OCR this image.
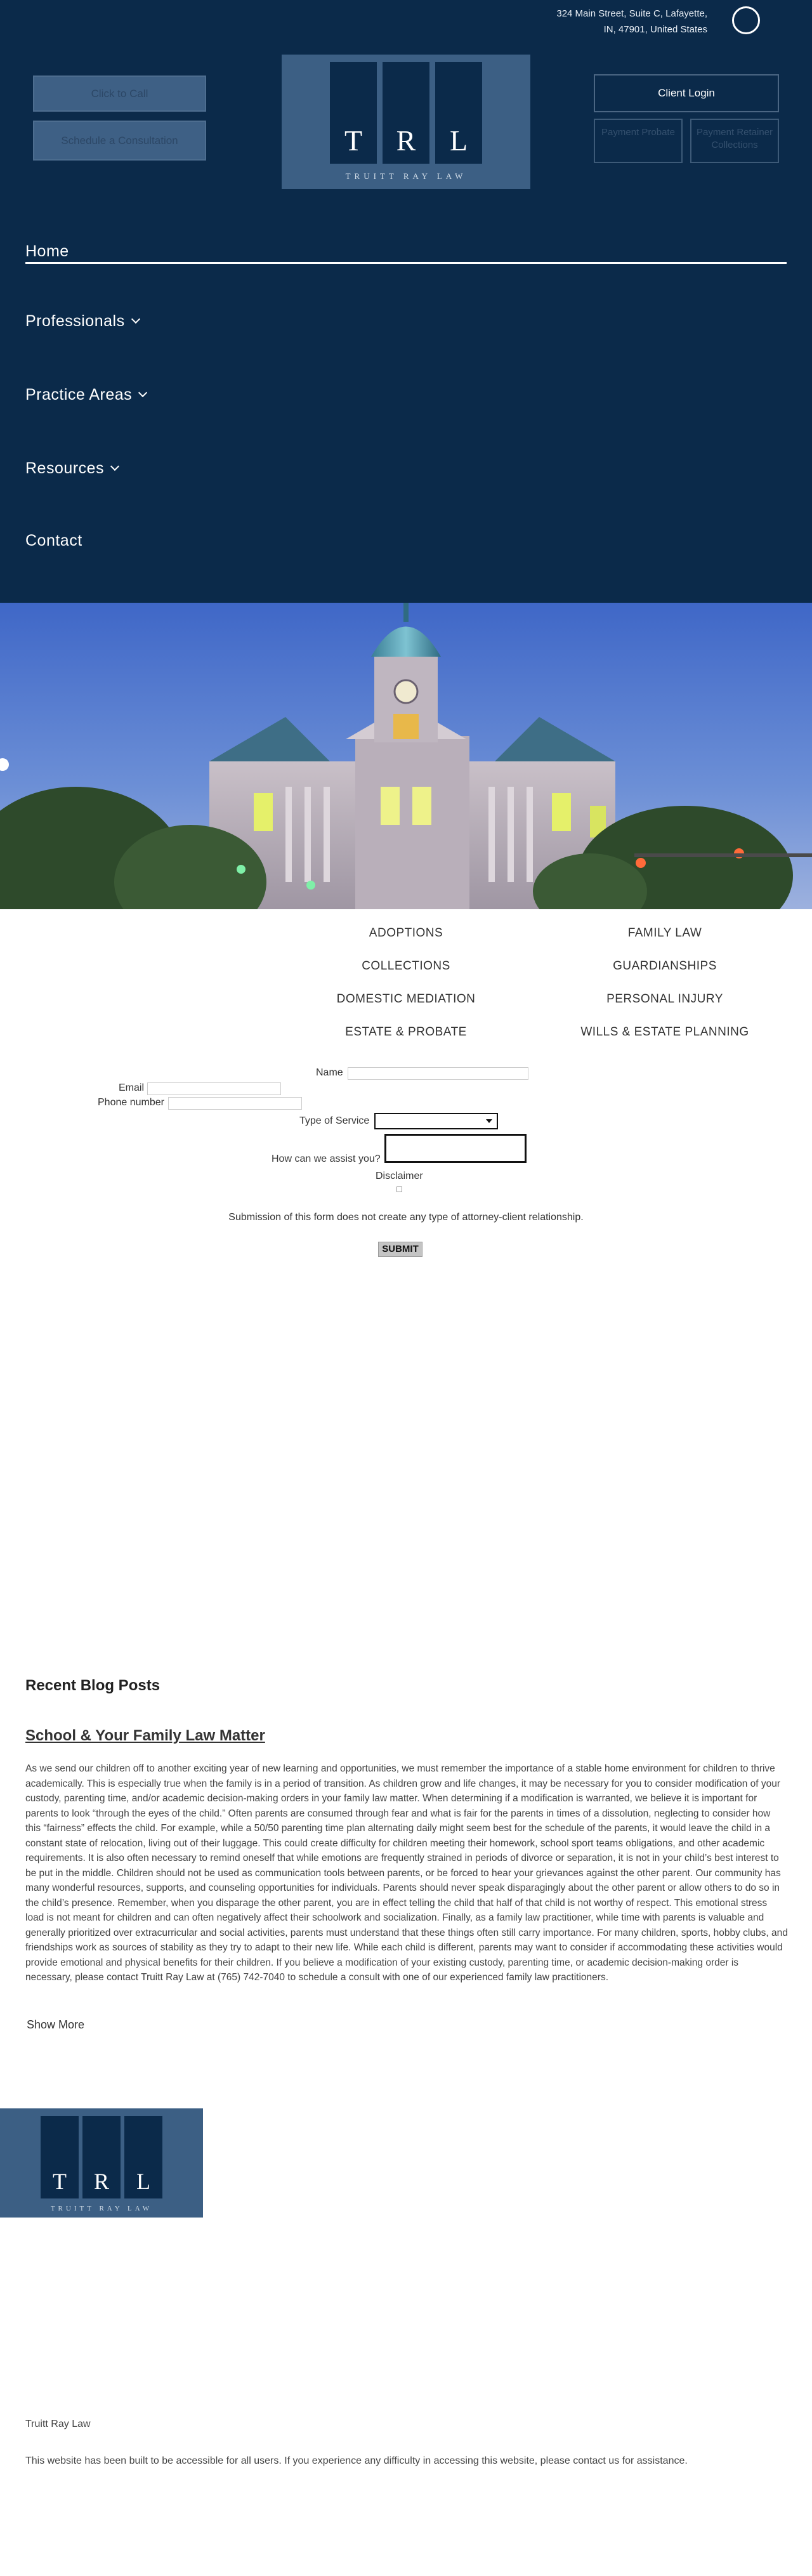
324 Main Street, Suite C, Lafayette,
IN, 47901, United States
Click to Call
Schedule a Consultation	T	R	L
TRUITT RAY LAW
Client Login
Payment Probate	Payment Retainer Collections
Home
Professionals
Practice Areas
Resources
Contact
ADOPTIONS
COLLECTIONS
DOMESTIC MEDIATION
ESTATE & PROBATE
FAMILY LAW
GUARDIANSHIPS
PERSONAL INJURY
WILLS & ESTATE PLANNING
Name
Email
Phone number
Type of Service
How can we assist you?
Disclaimer
Submission of this form does not create any type of attorney-client relationship.
SUBMIT
Recent Blog Posts
School & Your Family Law Matter
As we send our children off to another exciting year of new learning and opportunities, we must remember the importance of a stable home environment for children to thrive academically. This is especially true when the family is in a period of transition. As children grow and life changes, it may be necessary for you to consider modification of your custody, parenting time, and/or academic decision-making orders in your family law matter. When determining if a modification is warranted, we believe it is important for parents to look “through the eyes of the child.” Often parents are consumed through fear and what is fair for the parents in times of a dissolution, neglecting to consider how this “fairness” effects the child. For example, while a 50/50 parenting time plan alternating daily might seem best for the schedule of the parents, it would leave the child in a constant state of relocation, living out of their luggage. This could create difficulty for children meeting their homework, school sport teams obligations, and other academic requirements. It is also often necessary to remind oneself that while emotions are frequently strained in periods of divorce or separation, it is not in your child’s best interest to be put in the middle. Children should not be used as communication tools between parents, or be forced to hear your grievances against the other parent. Our community has many wonderful resources, supports, and counseling opportunities for individuals. Parents should never speak disparagingly about the other parent or allow others to do so in the child’s presence. Remember, when you disparage the other parent, you are in effect telling the child that half of that child is not worthy of respect. This emotional stress load is not meant for children and can often negatively affect their schoolwork and socialization. Finally, as a family law practitioner, while time with parents is valuable and generally prioritized over extracurricular and social activities, parents must understand that these things often still carry importance. For many children, sports, hobby clubs, and friendships work as sources of stability as they try to adapt to their new life. While each child is different, parents may want to consider if accommodating these activities would provide emotional and physical benefits for their children. If you believe a modification of your existing custody, parenting time, or academic decision-making order is necessary, please contact Truitt Ray Law at (765) 742-7040 to schedule a consult with one of our experienced family law practitioners.
Show More
T	R	L
TRUITT RAY LAW
Truitt Ray Law
This website has been built to be accessible for all users. If you experience any difficulty in accessing this website, please contact us for assistance.
